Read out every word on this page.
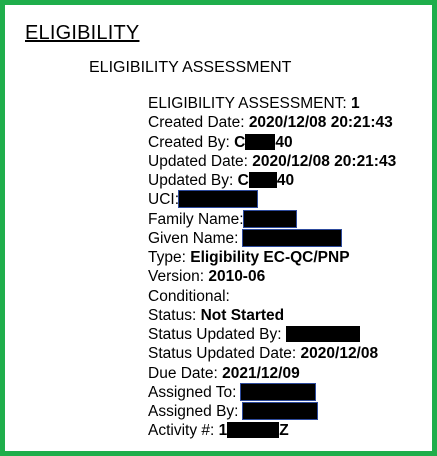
ELIGIBILITY
ELIGIBILITY ASSESSMENT
ELIGIBILITY ASSESSMENT: 1
Created Date: 2020/12/08 20:21:43
Created By: C 40
Updated Date: 2020/12/08 20:21:43
Updated By: C 40
UCI:
Family Name:
Given Name:
Type: Eligibility EC-QC/PNP
Version: 2010-06
Conditional:
Status: Not Started
Status Updated By:
Status Updated Date: 2020/12/08
Due Date: 2021/12/09
Assigned To:
Assigned By:
Activity #: 1	Z
